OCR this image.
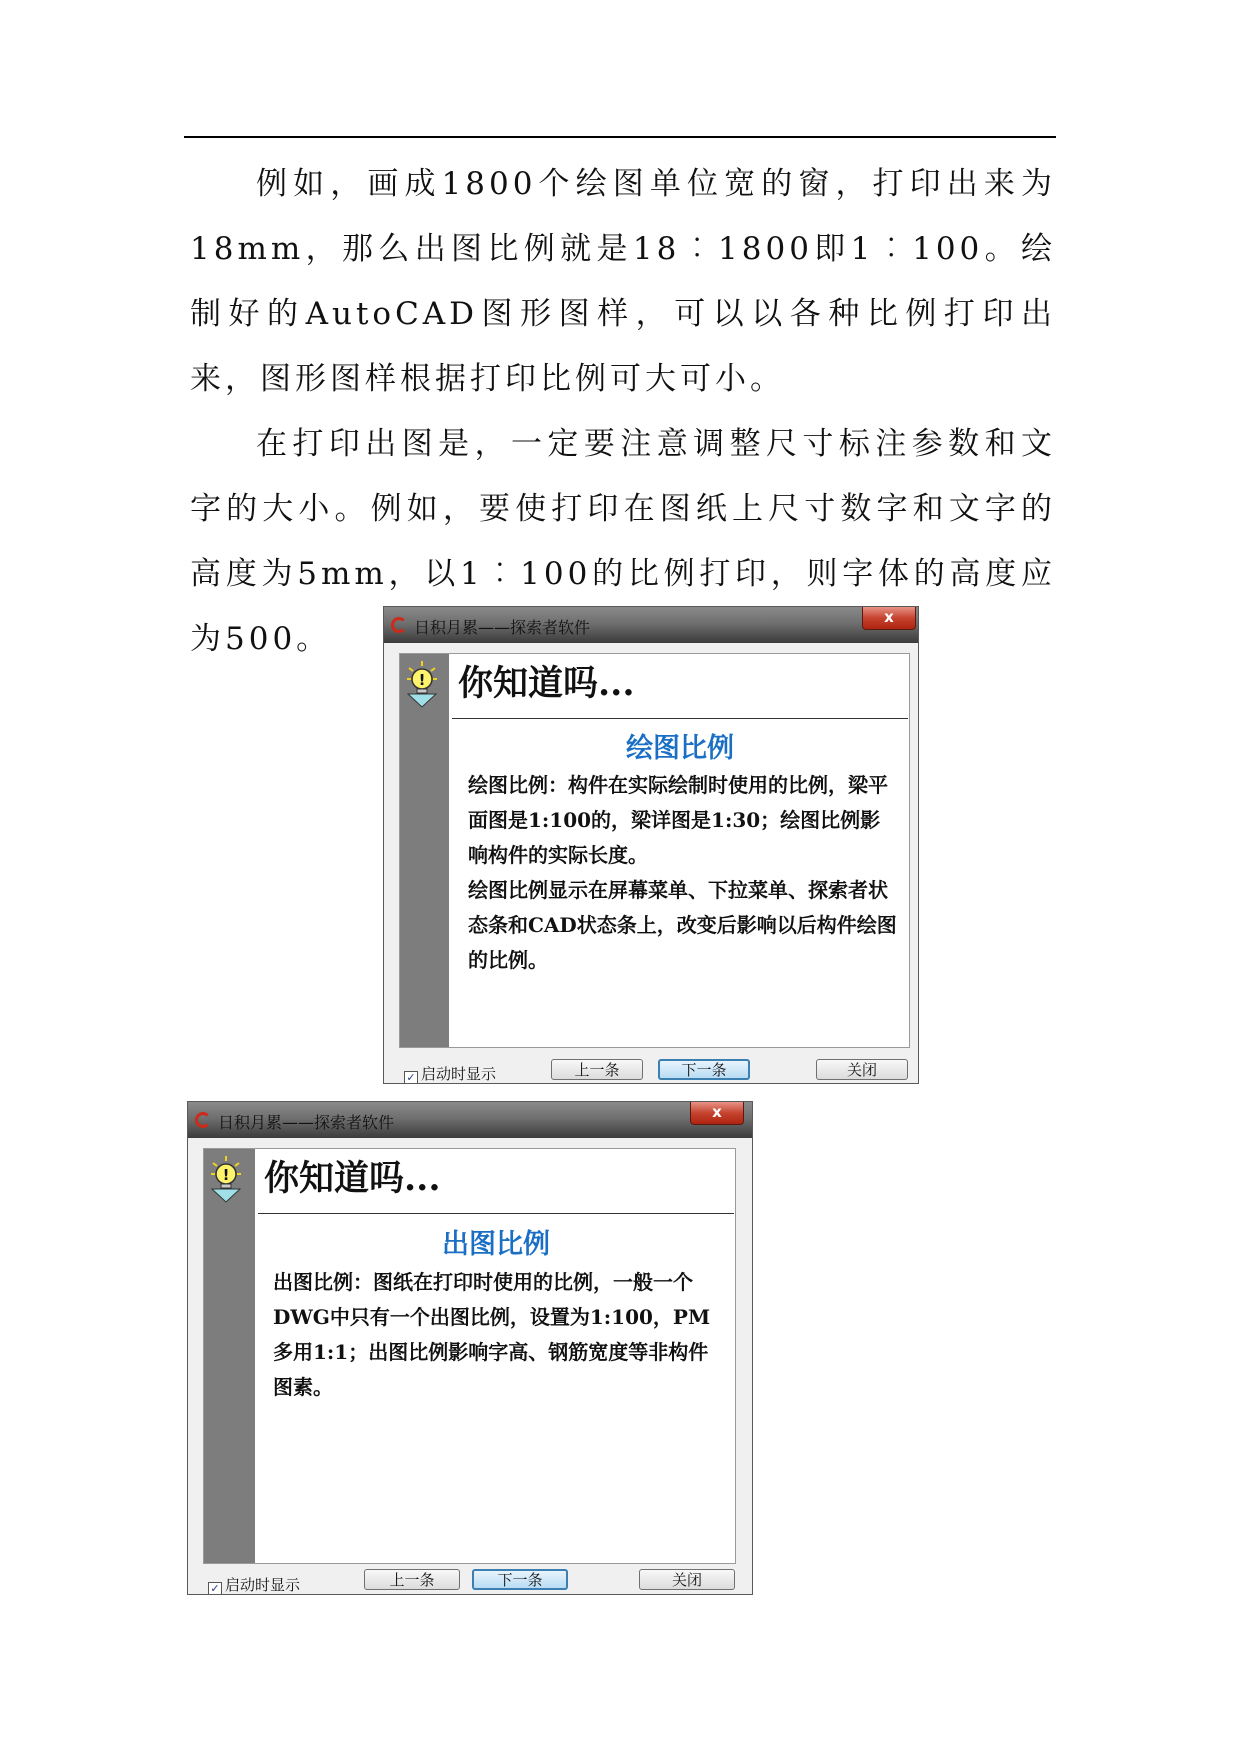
例如，画成1800个绘图单位宽的窗，打印出来为18mm，那么出图比例就是18︰1800即1︰100。绘制好的AutoCAD图形图样，可以以各种比例打印出来，图形图样根据打印比例可大可小。

在打印出图是，一定要注意调整尺寸标注参数和文字的大小。例如，要使打印在图纸上尺寸数字和文字的高度为5mm，以1︰100的比例打印，则字体的高度应为500。	日积月累——探索者软件
x
! 你知道吗...
绘图比例
绘图比例：构件在实际绘制时使用的比例，梁平面图是1:100的，梁详图是1:30；绘图比例影响构件的实际长度。
绘图比例显示在屏幕菜单、下拉菜单、探索者状态条和CAD状态条上，改变后影响以后构件绘图的比例。
✓ 启动时显示	上一条	下一条	关闭
日积月累——探索者软件
x
! 你知道吗...
出图比例
出图比例：图纸在打印时使用的比例，一般一个DWG中只有一个出图比例，设置为1:100，PM多用1:1；出图比例影响字高、钢筋宽度等非构件图素。
✓ 启动时显示	上一条	下一条	关闭
